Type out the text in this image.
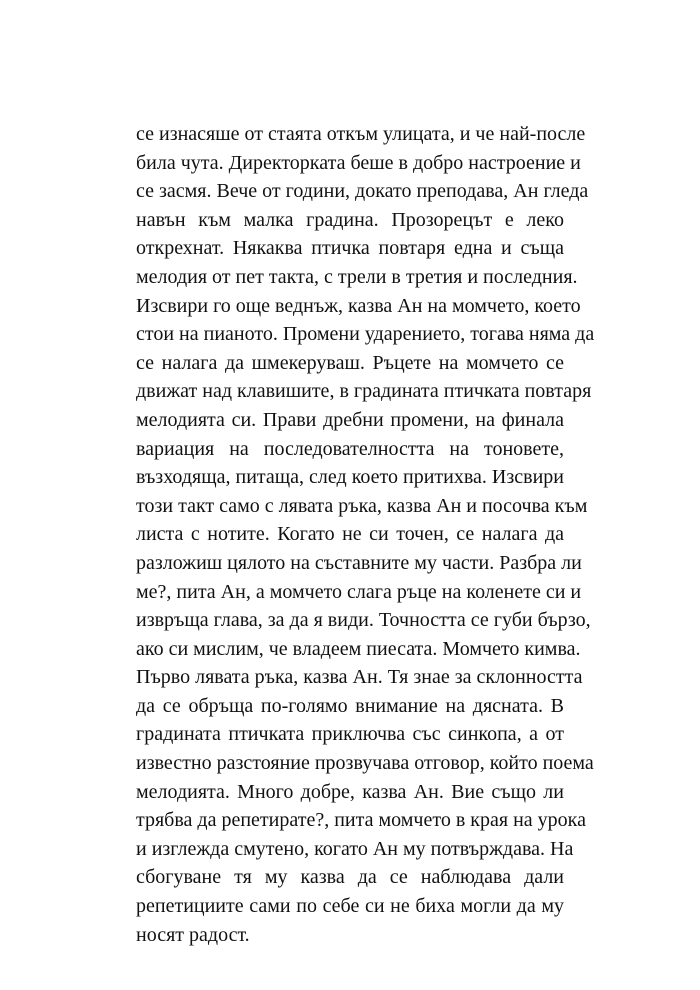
се изнасяше от стаята откъм улицата, и че най-после
била чута. Директорката беше в добро настроение и
се засмя. Вече от години, докато преподава, Ан гледа
навън към малка градина. Прозорецът е леко
открехнат. Някаква птичка повтаря една и съща
мелодия от пет такта, с трели в третия и последния.
Изсвири го още веднъж, казва Ан на момчето, което
стои на пианото. Промени ударението, тогава няма да
се налага да шмекеруваш. Ръцете на момчето се
движат над клавишите, в градината птичката повтаря
мелодията си. Прави дребни промени, на финала
вариация на последователността на тоновете,
възходяща, питаща, след което притихва. Изсвири
този такт само с лявата ръка, казва Ан и посочва към
листа с нотите. Когато не си точен, се налага да
разложиш цялото на съставните му части. Разбра ли
ме?, пита Ан, а момчето слага ръце на коленете си и
извръща глава, за да я види. Точността се губи бързо,
ако си мислим, че владеем пиесата. Момчето кимва.
Първо лявата ръка, казва Ан. Тя знае за склонността
да се обръща по-голямо внимание на дясната. В
градината птичката приключва със синкопа, а от
известно разстояние прозвучава отговор, който поема
мелодията. Много добре, казва Ан. Вие също ли
трябва да репетирате?, пита момчето в края на урока
и изглежда смутено, когато Ан му потвърждава. На
сбогуване тя му казва да се наблюдава дали
репетициите сами по себе си не биха могли да му
носят радост.
